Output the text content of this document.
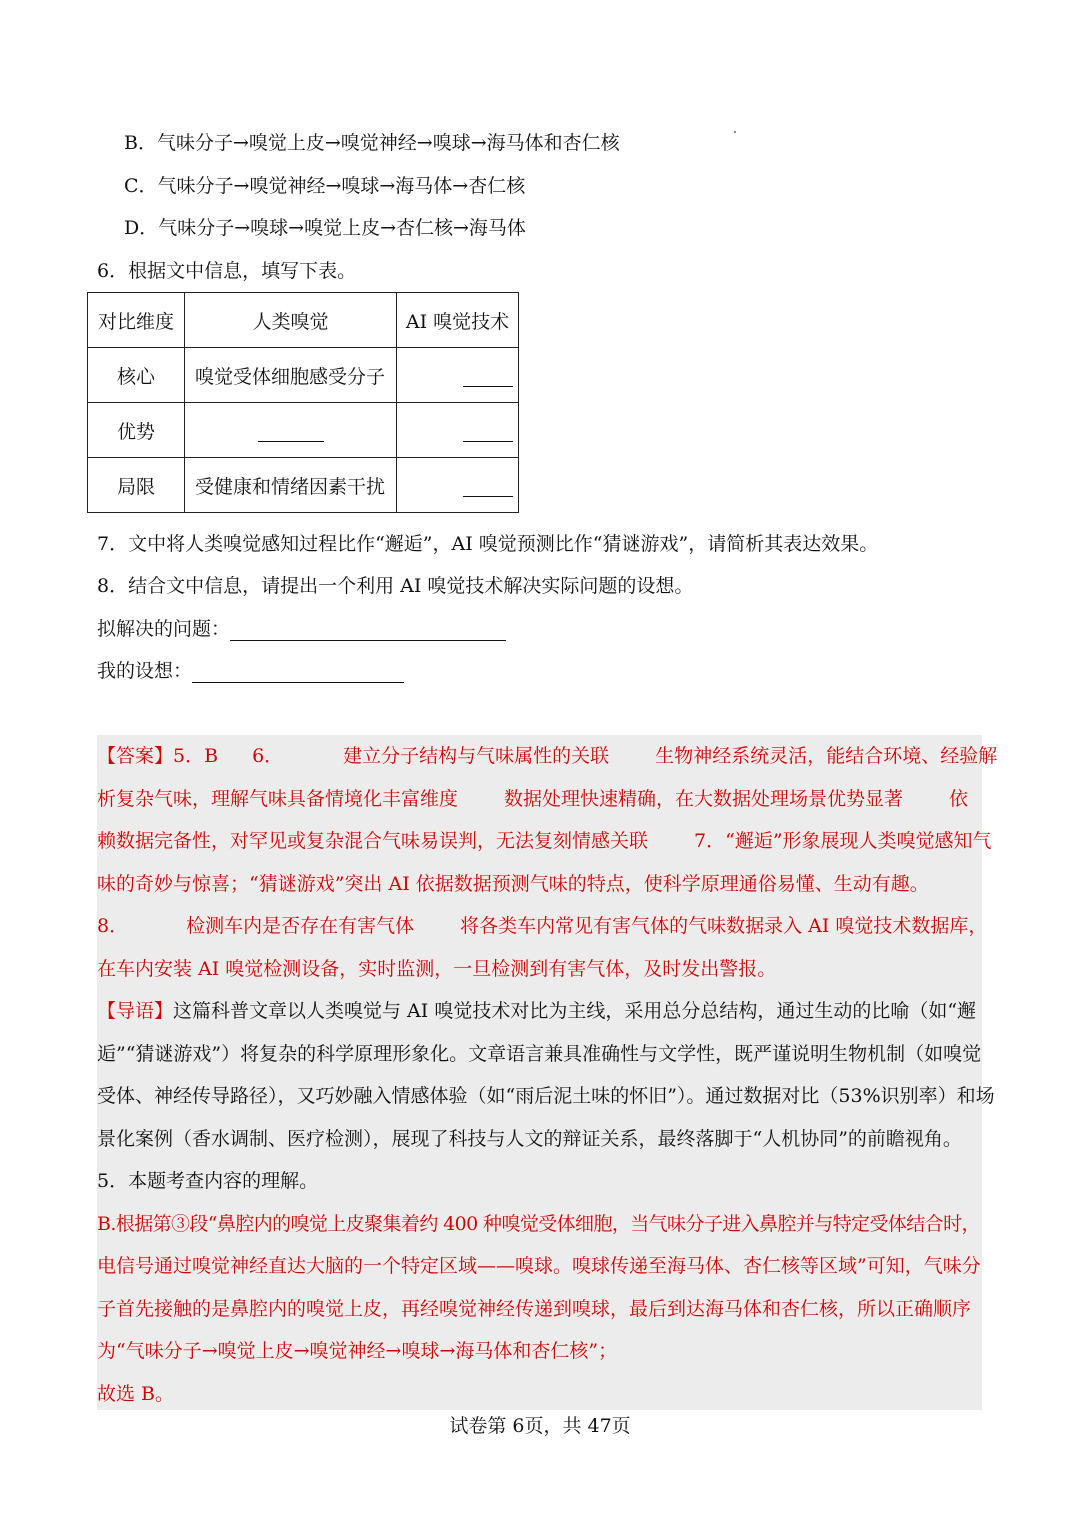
B．气味分子→嗅觉上皮→嗅觉神经→嗅球→海马体和杏仁核
C．气味分子→嗅觉神经→嗅球→海马体→杏仁核
D．气味分子→嗅球→嗅觉上皮→杏仁核→海马体
6．根据文中信息，填写下表。
对比维度	人类嗅觉	AI 嗅觉技术
核心	嗅觉受体细胞感受分子	
优势		
局限	受健康和情绪因素干扰	
7．文中将人类嗅觉感知过程比作“邂逅”，AI 嗅觉预测比作“猜谜游戏”，请简析其表达效果。
8．结合文中信息，请提出一个利用 AI 嗅觉技术解决实际问题的设想。
拟解决的问题：
我的设想：
【答案】5．B 6．	建立分子结构与气味属性的关联 生物神经系统灵活，能结合环境、经验解
析复杂气味，理解气味具备情境化丰富维度 数据处理快速精确，在大数据处理场景优势显著 依
赖数据完备性，对罕见或复杂混合气味易误判，无法复刻情感关联 7．“邂逅”形象展现人类嗅觉感知气
味的奇妙与惊喜；“猜谜游戏”突出 AI 依据数据预测气味的特点，使科学原理通俗易懂、生动有趣。
8．	检测车内是否存在有害气体 将各类车内常见有害气体的气味数据录入 AI 嗅觉技术数据库，
在车内安装 AI 嗅觉检测设备，实时监测，一旦检测到有害气体，及时发出警报。
【导语】这篇科普文章以人类嗅觉与 AI 嗅觉技术对比为主线，采用总分总结构，通过生动的比喻（如“邂
逅”“猜谜游戏”）将复杂的科学原理形象化。文章语言兼具准确性与文学性，既严谨说明生物机制（如嗅觉
受体、神经传导路径），又巧妙融入情感体验（如“雨后泥土味的怀旧”）。通过数据对比（53%识别率）和场
景化案例（香水调制、医疗检测），展现了科技与人文的辩证关系，最终落脚于“人机协同”的前瞻视角。
5．本题考查内容的理解。
B.根据第③段“鼻腔内的嗅觉上皮聚集着约 400 种嗅觉受体细胞，当气味分子进入鼻腔并与特定受体结合时，
电信号通过嗅觉神经直达大脑的一个特定区域——嗅球。嗅球传递至海马体、杏仁核等区域”可知，气味分
子首先接触的是鼻腔内的嗅觉上皮，再经嗅觉神经传递到嗅球，最后到达海马体和杏仁核，所以正确顺序
为“气味分子→嗅觉上皮→嗅觉神经→嗅球→海马体和杏仁核”；
故选 B。
试卷第 6页，共 47页
